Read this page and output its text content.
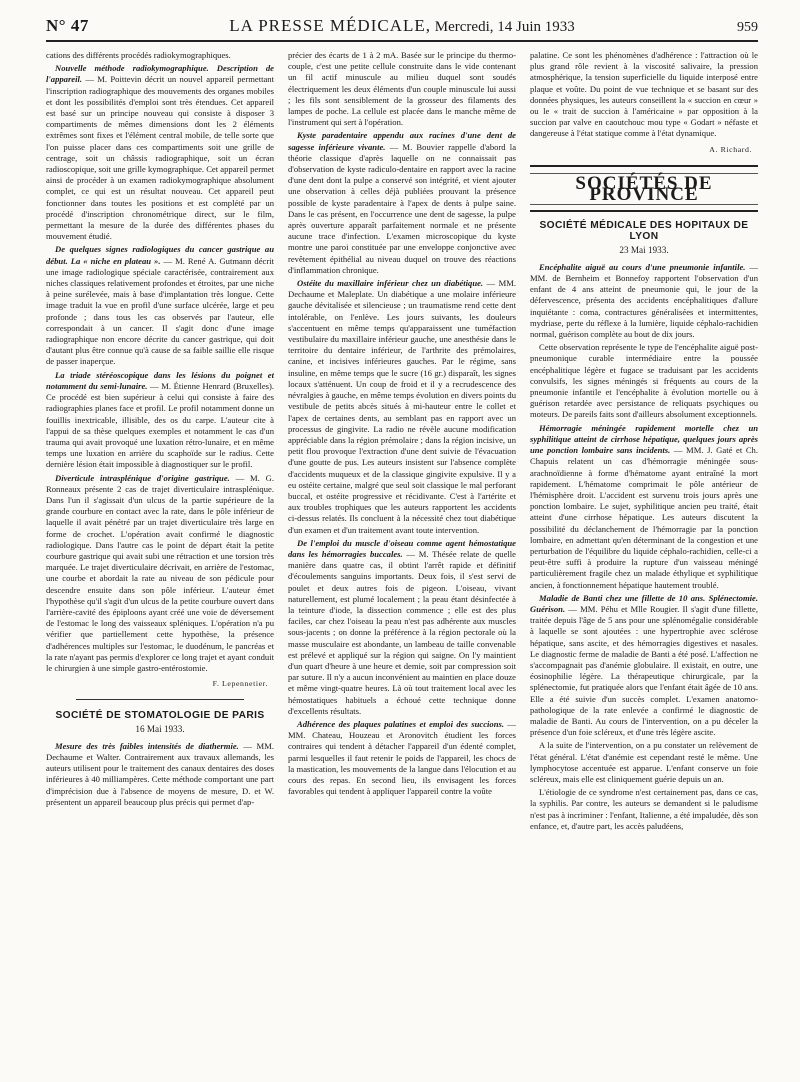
N° 47	LA PRESSE MÉDICALE, Mercredi, 14 Juin 1933	959

cations des différents procédés radiokymographiques.

Nouvelle méthode radiokymographique. Description de l'appareil. — M. Poittevin décrit un nouvel appareil permettant l'inscription radiographique des mouvements des organes mobiles et dont les possibilités d'emploi sont très étendues. Cet appareil est basé sur un principe nouveau qui consiste à disposer 3 compartiments de mêmes dimensions dont les 2 éléments extrêmes sont fixes et l'élément central mobile, de telle sorte que l'on puisse placer dans ces compartiments soit une grille de centrage, soit un châssis radiographique, soit un écran radioscopique, soit une grille kymographique. Cet appareil permet ainsi de procéder à un examen radiokymographique absolument complet, ce qui est un résultat nouveau. Cet appareil peut fonctionner dans toutes les positions et est complété par un procédé d'inscription chronométrique direct, sur le film, permettant la mesure de la durée des différentes phases du mouvement étudié.

De quelques signes radiologiques du cancer gastrique au début. La « niche en plateau ». — M. René A. Gutmann décrit une image radiologique spéciale caractérisée, contrairement aux niches classiques relativement profondes et étroites, par une niche à peine surélevée, mais à base d'implantation très longue. Cette image traduit la vue en profil d'une surface ulcérée, large et peu profonde ; dans tous les cas observés par l'auteur, elle correspondait à un cancer. Il s'agit donc d'une image radiographique non encore décrite du cancer gastrique, qui doit d'autant plus être connue qu'à cause de sa faible saillie elle risque de passer inaperçue.

La triade stéréoscopique dans les lésions du poignet et notamment du semi-lunaire. — M. Étienne Henrard (Bruxelles). Ce procédé est bien supérieur à celui qui consiste à faire des radiographies planes face et profil. Le profil notamment donne un fouillis inextricable, illisible, des os du carpe. L'auteur cite à l'appui de sa thèse quelques exemples et notamment le cas d'un trauma qui avait provoqué une luxation rétro-lunaire, et en même temps une luxation en arrière du scaphoïde sur le radius. Cette dernière lésion était impossible à diagnostiquer sur le profil.

Diverticule intrasplénique d'origine gastrique. — M. G. Ronneaux présente 2 cas de trajet diverticulaire intrasplénique. Dans l'un il s'agissait d'un ulcus de la partie supérieure de la grande courbure en contact avec la rate, dans le pôle inférieur de laquelle il avait pénétré par un trajet diverticulaire très large en forme de crochet. L'opération avait confirmé le diagnostic radiologique. Dans l'autre cas le point de départ était la petite courbure gastrique qui avait subi une rétraction et une torsion très marquée. Le trajet diverticulaire décrivait, en arrière de l'estomac, une courbe et abordait la rate au niveau de son pédicule pour descendre ensuite dans son pôle inférieur. L'auteur émet l'hypothèse qu'il s'agit d'un ulcus de la petite courbure ouvert dans l'arrière-cavité des épiploons ayant créé une voie de déversement de l'estomac le long des vaisseaux spléniques. L'opération n'a pu vérifier que partiellement cette hypothèse, la présence d'adhérences multiples sur l'estomac, le duodénum, le pancréas et la rate n'ayant pas permis d'explorer ce long trajet et ayant conduit le chirurgien à une simple gastro-entérostomie.

F. Lepennetier.

SOCIÉTÉ DE STOMATOLOGIE DE PARIS
16 Mai 1933.

Mesure des très faibles intensités de diathermie. — MM. Dechaume et Walter. Contrairement aux travaux allemands, les auteurs utilisent pour le traitement des canaux dentaires des doses inférieures à 40 milliampères. Cette méthode comportant une part d'imprécision due à l'absence de moyens de mesure, D. et W. présentent un appareil beaucoup plus précis qui permet d'ap-

précier des écarts de 1 à 2 mA. Basée sur le principe du thermo-couple, c'est une petite cellule construite dans le vide contenant un fil actif minuscule au milieu duquel sont soudés électriquement les deux éléments d'un couple minuscule lui aussi ; les fils sont sensiblement de la grosseur des filaments des lampes de poche. La cellule est placée dans le manche même de l'instrument qui sert à l'opération.

Kyste paradentaire appendu aux racines d'une dent de sagesse inférieure vivante. — M. Bouvier rappelle d'abord la théorie classique d'après laquelle on ne connaissait pas d'observation de kyste radiculo-dentaire en rapport avec la racine d'une dent dont la pulpe a conservé son intégrité, et vient ajouter une observation à celles déjà publiées prouvant la présence possible de kyste paradentaire à l'apex de dents à pulpe saine. Dans le cas présent, en l'occurrence une dent de sagesse, la pulpe après ouverture apparaît parfaitement normale et ne présente aucune trace d'infection. L'examen microscopique du kyste montre une paroi constituée par une enveloppe conjonctive avec revêtement épithélial au niveau duquel on trouve des réactions d'inflammation chronique.

Ostéite du maxillaire inférieur chez un diabétique. — MM. Dechaume et Maleplate. Un diabétique a une molaire inférieure gauche dévitalisée et silencieuse ; un traumatisme rend cette dent intolérable, on l'enlève. Les jours suivants, les douleurs s'accentuent en même temps qu'apparaissent une tuméfaction vestibulaire du maxillaire inférieur gauche, une anesthésie dans le territoire du dentaire inférieur, de l'arthrite des prémolaires, canine, et incisives inférieures gauches. Par le régime, sans insuline, en même temps que le sucre (16 gr.) disparaît, les signes locaux s'atténuent. Un coup de froid et il y a recrudescence des névralgies à gauche, en même temps évolution en divers points du vestibule de petits abcès situés à mi-hauteur entre le collet et l'apex de certaines dents, au semblant pas en rapport avec un processus de gingivite. La radio ne révèle aucune modification appréciable dans la région prémolaire ; dans la région incisive, un petit flou provoque l'extraction d'une dent suivie de l'évacuation d'une goutte de pus. Les auteurs insistent sur l'absence complète d'accidents muqueux et de la classique gingivite expulsive. Il y a eu ostéite certaine, malgré que seul soit classique le mal perforant buccal, et ostéite progressive et récidivante. C'est à l'artérite et aux troubles trophiques que les auteurs rapportent les accidents ci-dessus relatés. Ils concluent à la nécessité chez tout diabétique d'un examen et d'un traitement avant toute intervention.

De l'emploi du muscle d'oiseau comme agent hémostatique dans les hémorragies buccales. — M. Thésée relate de quelle manière dans quatre cas, il obtint l'arrêt rapide et définitif d'écoulements sanguins importants. Deux fois, il s'est servi de poulet et deux autres fois de pigeon. L'oiseau, vivant naturellement, est plumé localement ; la peau étant désinfectée à la teinture d'iode, la dissection commence ; elle est des plus faciles, car chez l'oiseau la peau n'est pas adhérente aux muscles sous-jacents ; on donne la préférence à la région pectorale où la masse musculaire est abondante, un lambeau de taille convenable est prélevé et appliqué sur la région qui saigne. On l'y maintient d'un quart d'heure à une heure et demie, soit par compression soit par suture. Il n'y a aucun inconvénient au maintien en place douze et même vingt-quatre heures. Là où tout traitement local avec les hémostatiques habituels a échoué cette technique donne d'excellents résultats.

Adhérence des plaques palatines et emploi des succions. — MM. Chateau, Houzeau et Aronovitch étudient les forces contraires qui tendent à détacher l'appareil d'un édenté complet, parmi lesquelles il faut retenir le poids de l'appareil, les chocs de la mastication, les mouvements de la langue dans l'élocution et au cours des repas. En second lieu, ils envisagent les forces favorables qui tendent à appliquer l'appareil contre la voûte

palatine. Ce sont les phénomènes d'adhérence : l'attraction où le plus grand rôle revient à la viscosité salivaire, la pression atmosphérique, la tension superficielle du liquide interposé entre plaque et voûte. Du point de vue technique et se basant sur des données physiques, les auteurs conseillent la « succion en cœur » ou le « trait de succion à l'américaine » par opposition à la succion par valve en caoutchouc mou type « Godart » néfaste et dangereuse à l'état statique comme à l'état dynamique.

A. Richard.

SOCIÉTÉS DE PROVINCE
SOCIÉTÉ MÉDICALE DES HOPITAUX DE LYON
23 Mai 1933.

Encéphalite aiguë au cours d'une pneumonie infantile. — MM. de Bernheim et Bonnefoy rapportent l'observation d'un enfant de 4 ans atteint de pneumonie qui, le jour de la défervescence, présenta des accidents encéphalitiques d'allure inquiétante : coma, contractures généralisées et intermittentes, mydriase, perte du réflexe à la lumière, liquide céphalo-rachidien normal, guérison complète au bout de dix jours.

Cette observation représente le type de l'encéphalite aiguë post-pneumonique curable intermédiaire entre la poussée encéphalitique légère et fugace se traduisant par les accidents convulsifs, les signes méningés si fréquents au cours de la pneumonie infantile et l'encéphalite à évolution mortelle ou à guérison retardée avec persistance de reliquats psychiques ou moteurs. De pareils faits sont d'ailleurs absolument exceptionnels.

Hémorragie méningée rapidement mortelle chez un syphilitique atteint de cirrhose hépatique, quelques jours après une ponction lombaire sans incidents. — MM. J. Gaté et Ch. Chapuis relatent un cas d'hémorragie méningée sous-arachnoïdienne à forme d'hématome ayant entraîné la mort rapidement. L'hématome comprimait le pôle antérieur de l'hémisphère droit. L'accident est survenu trois jours après une ponction lombaire. Le sujet, syphilitique ancien peu traité, était atteint d'une cirrhose hépatique. Les auteurs discutent la possibilité du déclanchement de l'hémorragie par la ponction lombaire, en admettant qu'en déterminant de la congestion et une perturbation de l'équilibre du liquide céphalo-rachidien, celle-ci a peut-être suffi à produire la rupture d'un vaisseau méningé particulièrement fragile chez un malade éthylique et syphilitique ancien, à fonctionnement hépatique hautement troublé.

Maladie de Banti chez une fillette de 10 ans. Splénectomie. Guérison. — MM. Péhu et Mlle Rougier. Il s'agit d'une fillette, traitée depuis l'âge de 5 ans pour une splénomégalie considérable à laquelle se sont ajoutées : une hypertrophie avec sclérose hépatique, sans ascite, et des hémorragies digestives et nasales. Le diagnostic ferme de maladie de Banti a été posé. L'affection ne s'accompagnait pas d'anémie globulaire. Il existait, en outre, une éosinophilie légère. La thérapeutique chirurgicale, par la splénectomie, fut pratiquée alors que l'enfant était âgée de 10 ans. Elle a été suivie d'un succès complet. L'examen anatomo-pathologique de la rate enlevée a confirmé le diagnostic de maladie de Banti. Au cours de l'intervention, on a pu déceler la présence d'un foie scléreux, et d'une très légère ascite.

A la suite de l'intervention, on a pu constater un relèvement de l'état général. L'état d'anémie est cependant resté le même. Une lymphocytose accentuée est apparue. L'enfant conserve un foie scléreux, mais elle est cliniquement guérie depuis un an.

L'étiologie de ce syndrome n'est certainement pas, dans ce cas, la syphilis. Par contre, les auteurs se demandent si le paludisme n'est pas à incriminer : l'enfant, Italienne, a été impaludée, dès son enfance, et, d'autre part, les accès paludéens,
